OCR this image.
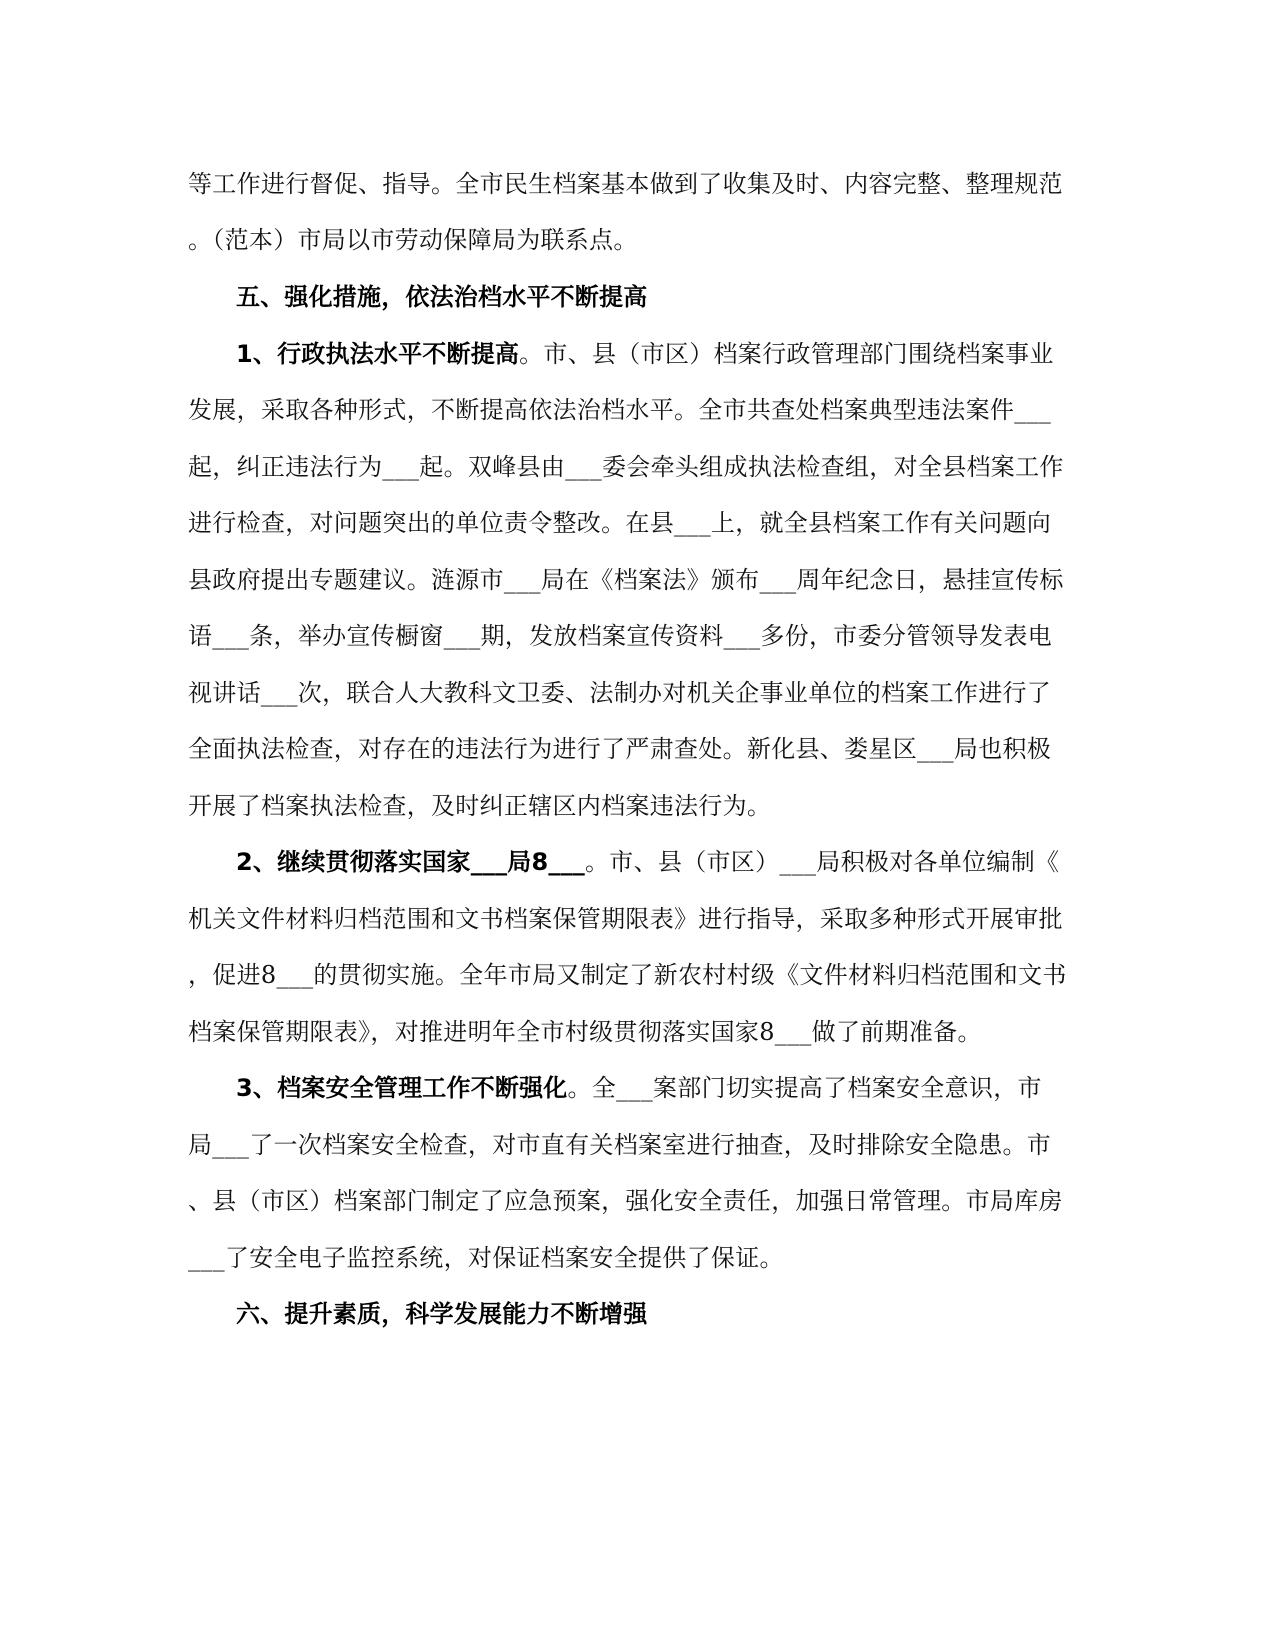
等工作进行督促、指导。全市民生档案基本做到了收集及时、内容完整、整理规范
。（范本）市局以市劳动保障局为联系点。
五、强化措施，依法治档水平不断提高
1、行政执法水平不断提高。市、县（市区）档案行政管理部门围绕档案事业
发展，采取各种形式，不断提高依法治档水平。全市共查处档案典型违法案件___
起，纠正违法行为___起。双峰县由___委会牵头组成执法检查组，对全县档案工作
进行检查，对问题突出的单位责令整改。在县___上，就全县档案工作有关问题向
县政府提出专题建议。涟源市___局在《档案法》颁布___周年纪念日，悬挂宣传标
语___条，举办宣传橱窗___期，发放档案宣传资料___多份，市委分管领导发表电
视讲话___次，联合人大教科文卫委、法制办对机关企事业单位的档案工作进行了
全面执法检查，对存在的违法行为进行了严肃查处。新化县、娄星区___局也积极
开展了档案执法检查，及时纠正辖区内档案违法行为。
2、继续贯彻落实国家___局8___。市、县（市区）___局积极对各单位编制《
机关文件材料归档范围和文书档案保管期限表》进行指导，采取多种形式开展审批
，促进8___的贯彻实施。全年市局又制定了新农村村级《文件材料归档范围和文书
档案保管期限表》，对推进明年全市村级贯彻落实国家8___做了前期准备。
3、档案安全管理工作不断强化。全___案部门切实提高了档案安全意识，市
局___了一次档案安全检查，对市直有关档案室进行抽查，及时排除安全隐患。市
、县（市区）档案部门制定了应急预案，强化安全责任，加强日常管理。市局库房
___了安全电子监控系统，对保证档案安全提供了保证。
六、提升素质，科学发展能力不断增强
